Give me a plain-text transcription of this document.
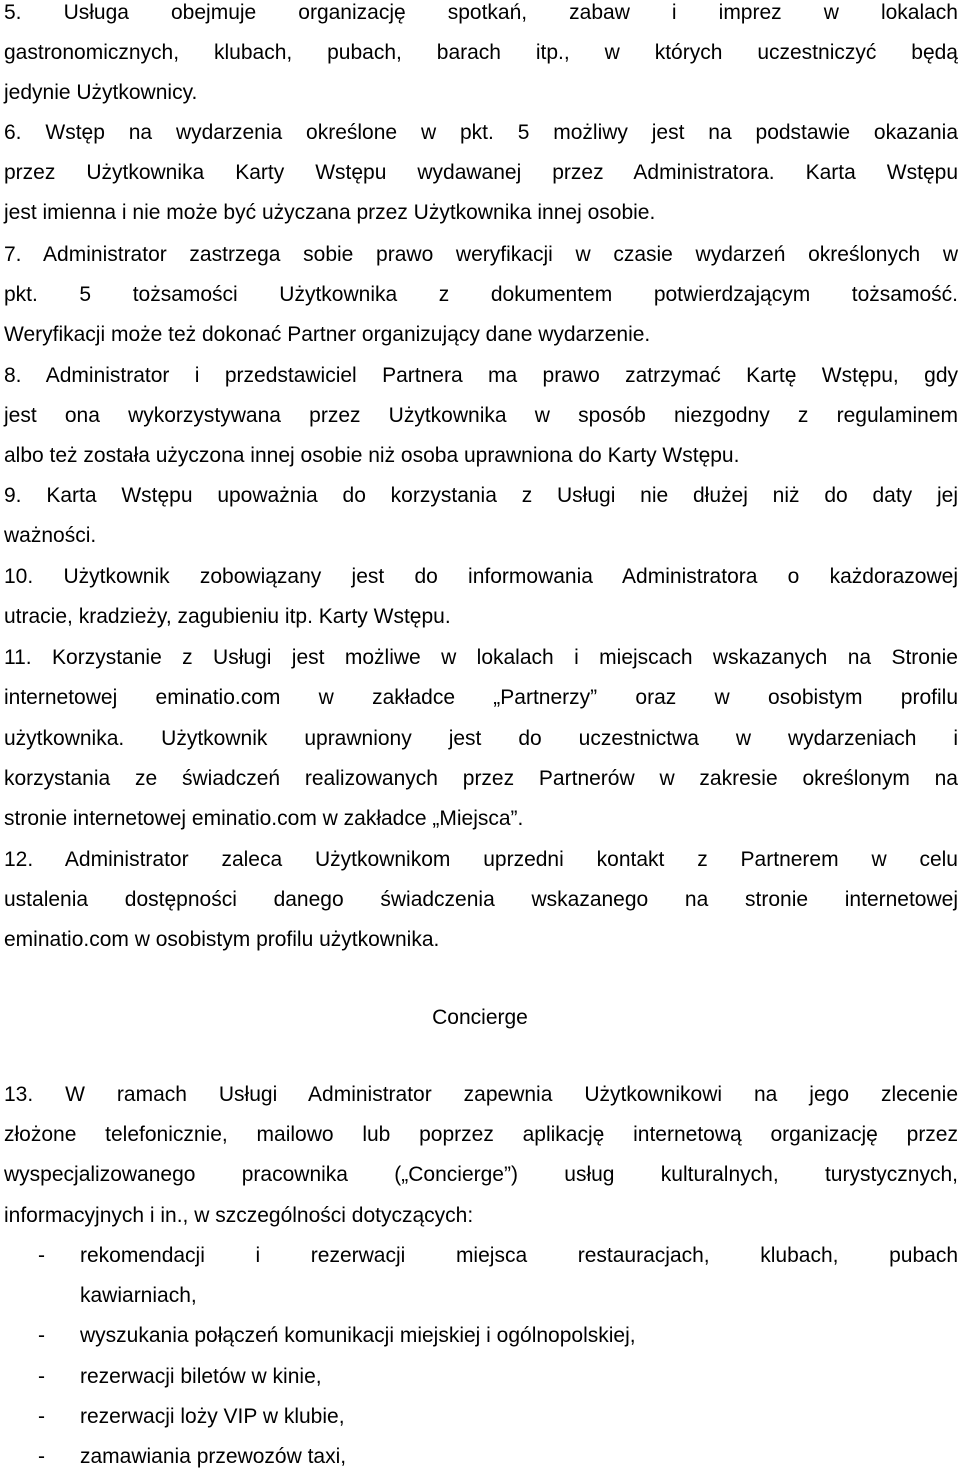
5. Usługa obejmuje organizację spotkań, zabaw i imprez w lokalach
gastronomicznych, klubach, pubach, barach itp., w których uczestniczyć będą
jedynie Użytkownicy.
6. Wstęp na wydarzenia określone w pkt. 5 możliwy jest na podstawie okazania
przez Użytkownika Karty Wstępu wydawanej przez Administratora. Karta Wstępu
jest imienna i nie może być użyczana przez Użytkownika innej osobie.
7. Administrator zastrzega sobie prawo weryfikacji w czasie wydarzeń określonych w
pkt. 5 tożsamości Użytkownika z dokumentem potwierdzającym tożsamość.
Weryfikacji może też dokonać Partner organizujący dane wydarzenie.
8. Administrator i przedstawiciel Partnera ma prawo zatrzymać Kartę Wstępu, gdy
jest ona wykorzystywana przez Użytkownika w sposób niezgodny z regulaminem
albo też została użyczona innej osobie niż osoba uprawniona do Karty Wstępu.
9. Karta Wstępu upoważnia do korzystania z Usługi nie dłużej niż do daty jej
ważności.
10. Użytkownik zobowiązany jest do informowania Administratora o każdorazowej
utracie, kradzieży, zagubieniu itp. Karty Wstępu.
11. Korzystanie z Usługi jest możliwe w lokalach i miejscach wskazanych na Stronie
internetowej eminatio.com w zakładce „Partnerzy” oraz w osobistym profilu
użytkownika. Użytkownik uprawniony jest do uczestnictwa w wydarzeniach i
korzystania ze świadczeń realizowanych przez Partnerów w zakresie określonym na
stronie internetowej eminatio.com w zakładce „Miejsca”.
12. Administrator zaleca Użytkownikom uprzedni kontakt z Partnerem w celu
ustalenia dostępności danego świadczenia wskazanego na stronie internetowej
eminatio.com w osobistym profilu użytkownika.
Concierge
13. W ramach Usługi Administrator zapewnia Użytkownikowi na jego zlecenie
złożone telefonicznie, mailowo lub poprzez aplikację internetową organizację przez
wyspecjalizowanego pracownika („Concierge”) usług kulturalnych, turystycznych,
informacyjnych i in., w szczególności dotyczących:
- rekomendacji i rezerwacji miejsca restauracjach, klubach, pubach
kawiarniach,
- wyszukania połączeń komunikacji miejskiej i ogólnopolskiej,
- rezerwacji biletów w kinie,
- rezerwacji loży VIP w klubie,
- zamawiania przewozów taxi,
